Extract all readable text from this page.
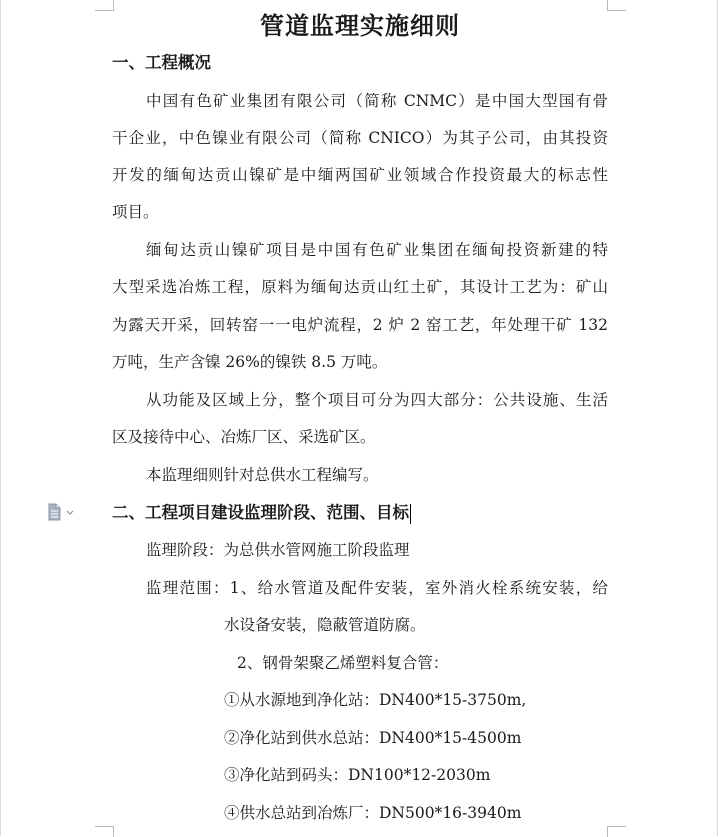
管道监理实施细则
一、工程概况
中国有色矿业集团有限公司（简称 CNMC）是中国大型国有骨
干企业，中色镍业有限公司（简称 CNICO）为其子公司，由其投资
开发的缅甸达贡山镍矿是中缅两国矿业领域合作投资最大的标志性
项目。
缅甸达贡山镍矿项目是中国有色矿业集团在缅甸投资新建的特
大型采选冶炼工程，原料为缅甸达贡山红土矿，其设计工艺为：矿山
为露天开采，回转窑一一电炉流程，2 炉 2 窑工艺，年处理干矿 132
万吨，生产含镍 26%的镍铁 8.5 万吨。
从功能及区域上分，整个项目可分为四大部分：公共设施、生活
区及接待中心、冶炼厂区、采选矿区。
本监理细则针对总供水工程编写。
二、工程项目建设监理阶段、范围、目标
监理阶段：为总供水管网施工阶段监理
监理范围：1、给水管道及配件安装，室外消火栓系统安装，给
水设备安装，隐蔽管道防腐。
2、钢骨架聚乙烯塑料复合管：
①从水源地到净化站：DN400*15-3750m,
②净化站到供水总站：DN400*15-4500m
③净化站到码头：DN100*12-2030m
④供水总站到冶炼厂：DN500*16-3940m
